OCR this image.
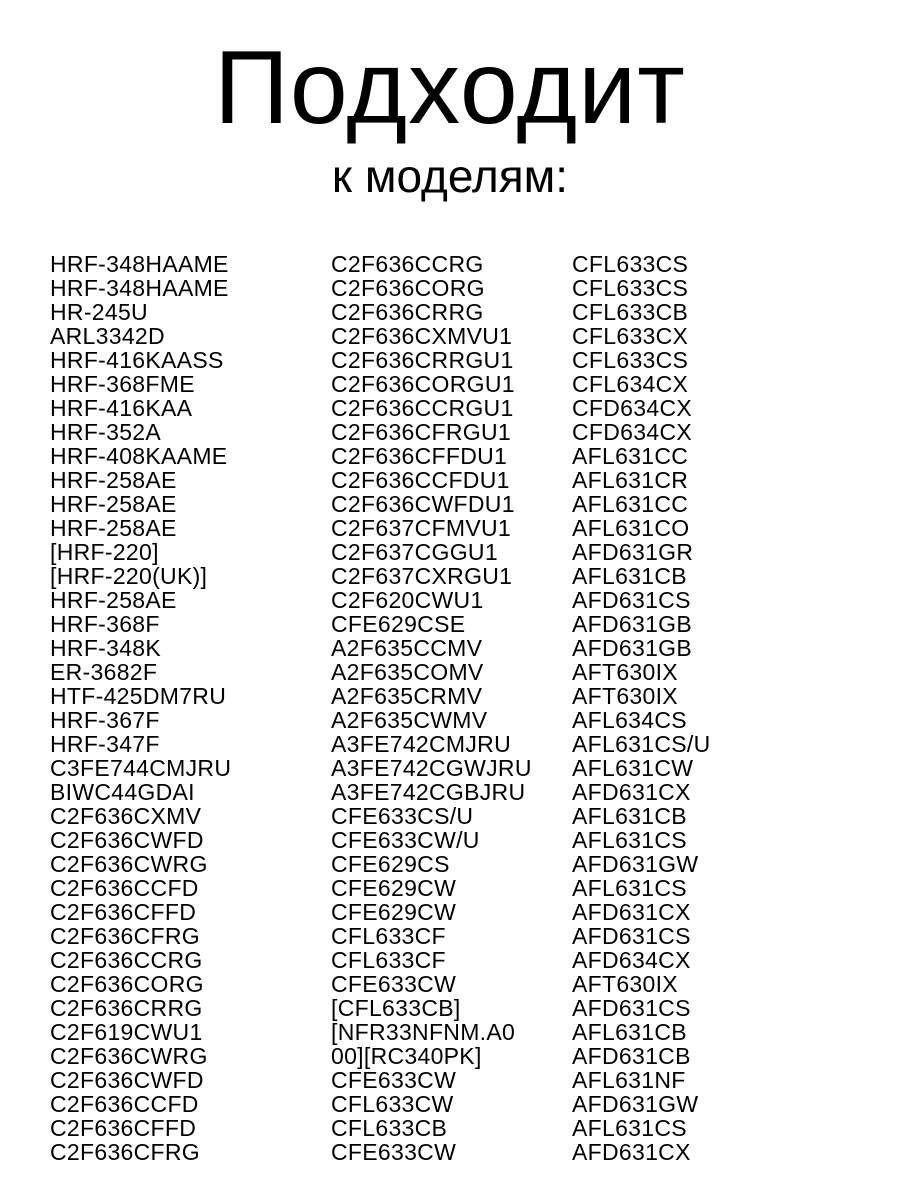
Подходит
к моделям:
HRF-348HAAME
HRF-348HAAME
HR-245U
ARL3342D
HRF-416KAASS
HRF-368FME
HRF-416KAA
HRF-352A
HRF-408KAAME
HRF-258AE
HRF-258AE
HRF-258AE
[HRF-220]
[HRF-220(UK)]
HRF-258AE
HRF-368F
HRF-348K
ER-3682F
HTF-425DM7RU
HRF-367F
HRF-347F
C3FE744CMJRU
BIWC44GDAI
C2F636CXMV
C2F636CWFD
C2F636CWRG
C2F636CCFD
C2F636CFFD
C2F636CFRG
C2F636CCRG
C2F636CORG
C2F636CRRG
C2F619CWU1
C2F636CWRG
C2F636CWFD
C2F636CCFD
C2F636CFFD
C2F636CFRG
C2F636CCRG
C2F636CORG
C2F636CRRG
C2F636CXMVU1
C2F636CRRGU1
C2F636CORGU1
C2F636CCRGU1
C2F636CFRGU1
C2F636CFFDU1
C2F636CCFDU1
C2F636CWFDU1
C2F637CFMVU1
C2F637CGGU1
C2F637CXRGU1
C2F620CWU1
CFE629CSE
A2F635CCMV
A2F635COMV
A2F635CRMV
A2F635CWMV
A3FE742CMJRU
A3FE742CGWJRU
A3FE742CGBJRU
CFE633CS/U
CFE633CW/U
CFE629CS
CFE629CW
CFE629CW
CFL633CF
CFL633CF
CFE633CW
[CFL633CB]
[NFR33NFNM.A0
00][RC340PK]
CFE633CW
CFL633CW
CFL633CB
CFE633CW
CFL633CS
CFL633CS
CFL633CB
CFL633CX
CFL633CS
CFL634CX
CFD634CX
CFD634CX
AFL631CC
AFL631CR
AFL631CC
AFL631CO
AFD631GR
AFL631CB
AFD631CS
AFD631GB
AFD631GB
AFT630IX
AFT630IX
AFL634CS
AFL631CS/U
AFL631CW
AFD631CX
AFL631CB
AFL631CS
AFD631GW
AFL631CS
AFD631CX
AFD631CS
AFD634CX
AFT630IX
AFD631CS
AFL631CB
AFD631CB
AFL631NF
AFD631GW
AFL631CS
AFD631CX
